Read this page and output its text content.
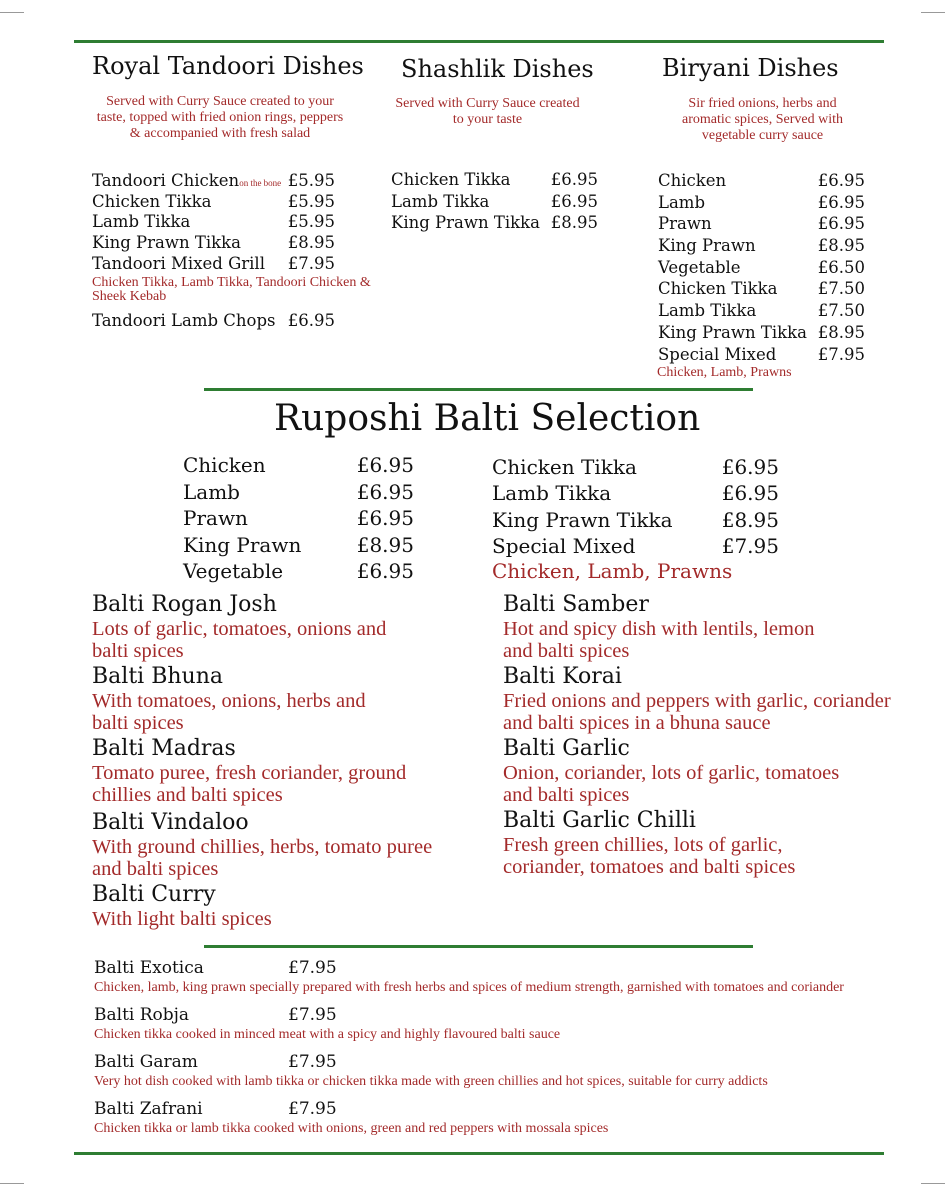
Royal Tandoori Dishes
Served with Curry Sauce created to your taste, topped with fried onion rings, peppers & accompanied with fresh salad
Tandoori Chickenon the bone £5.95
Chicken Tikka	£5.95
Lamb Tikka	£5.95
King Prawn Tikka	£8.95
Tandoori Mixed Grill £7.95
Chicken Tikka, Lamb Tikka, Tandoori Chicken & Sheek Kebab
Tandoori Lamb Chops £6.95
Shashlik Dishes
Served with Curry Sauce created to your taste
Chicken Tikka £6.95
Lamb Tikka	£6.95
King Prawn Tikka £8.95
Biryani Dishes
Sir fried onions, herbs and aromatic spices, Served with vegetable curry sauce
Chicken	£6.95
Lamb	£6.95
Prawn	£6.95
King Prawn	£8.95
Vegetable	£6.50
Chicken Tikka £7.50
Lamb Tikka	£7.50
King Prawn Tikka £8.95
Special Mixed	£7.95
Chicken, Lamb, Prawns
Ruposhi Balti Selection
Chicken	£6.95
Lamb	£6.95
Prawn	£6.95
King Prawn	£8.95
Vegetable	£6.95
Chicken Tikka	£6.95
Lamb Tikka	£6.95
King Prawn Tikka £8.95
Special Mixed	£7.95
Chicken, Lamb, Prawns
Balti Rogan Josh
Lots of garlic, tomatoes, onions and balti spices
Balti Bhuna
With tomatoes, onions, herbs and balti spices
Balti Madras
Tomato puree, fresh coriander, ground chillies and balti spices
Balti Vindaloo
With ground chillies, herbs, tomato puree and balti spices
Balti Curry
With light balti spices
Balti Samber
Hot and spicy dish with lentils, lemon and balti spices
Balti Korai
Fried onions and peppers with garlic, coriander and balti spices in a bhuna sauce
Balti Garlic
Onion, coriander, lots of garlic, tomatoes and balti spices
Balti Garlic Chilli
Fresh green chillies, lots of garlic, coriander, tomatoes and balti spices
Balti Exotica	£7.95
Chicken, lamb, king prawn specially prepared with fresh herbs and spices of medium strength, garnished with tomatoes and coriander
Balti Robja	£7.95
Chicken tikka cooked in minced meat with a spicy and highly flavoured balti sauce
Balti Garam	£7.95
Very hot dish cooked with lamb tikka or chicken tikka made with green chillies and hot spices, suitable for curry addicts
Balti Zafrani	£7.95
Chicken tikka or lamb tikka cooked with onions, green and red peppers with mossala spices
